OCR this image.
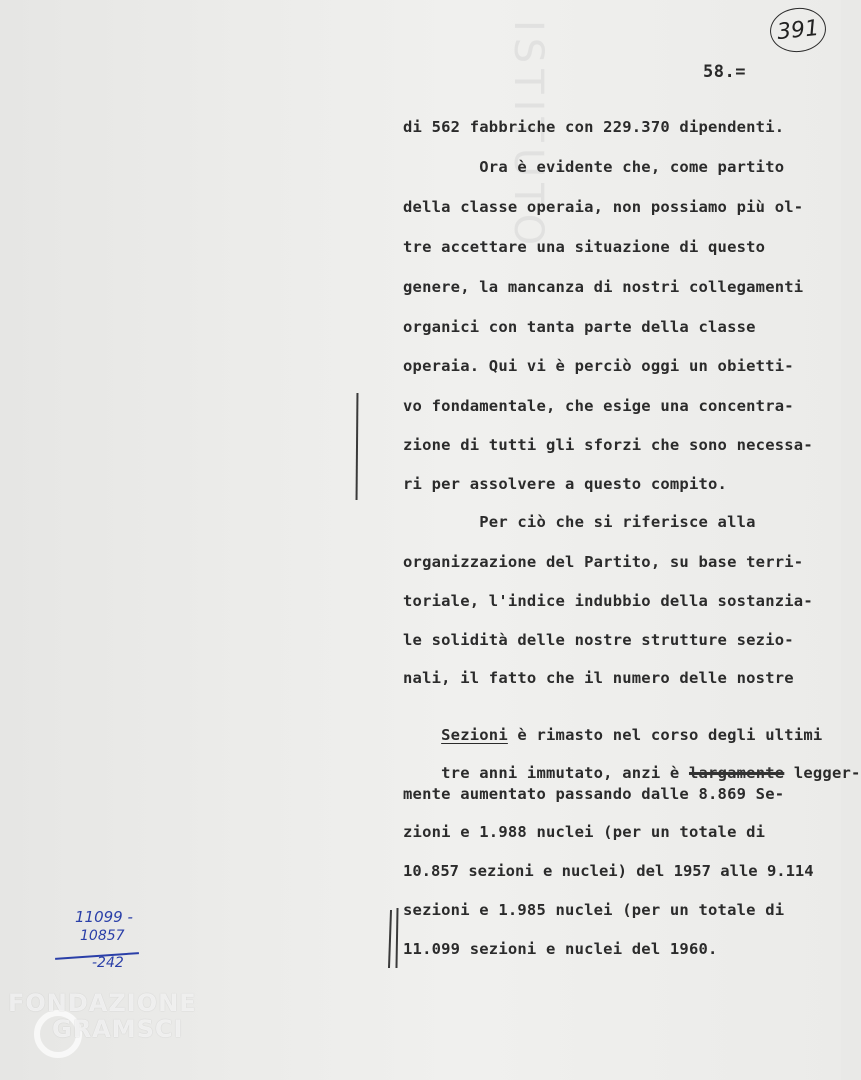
ISTITUTO	391
58.=
di 562 fabbriche con 229.370 dipendenti.
Ora è evidente che, come partito
della classe operaia, non possiamo più ol-
tre accettare una situazione di questo
genere, la mancanza di nostri collegamenti
organici con tanta parte della classe
operaia. Qui vi è perciò oggi un obietti-
vo fondamentale, che esige una concentra-
zione di tutti gli sforzi che sono necessa-
ri per assolvere a questo compito.
Per ciò che si riferisce alla
organizzazione del Partito, su base terri-
toriale, l'indice indubbio della sostanzia-
le solidità delle nostre strutture sezio-
nali, il fatto che il numero delle nostre

Sezioni è rimasto nel corso degli ultimi

tre anni immutato, anzi è largamente legger-

mente aumentato passando dalle 8.869 Se-
zioni e 1.988 nuclei (per un totale di
10.857 sezioni e nuclei) del 1957 alle 9.114
sezioni e 1.985 nuclei (per un totale di
11.099 sezioni e nuclei del 1960.
11099 -
10857
-242
FONDAZIONE
GRAMSCI
